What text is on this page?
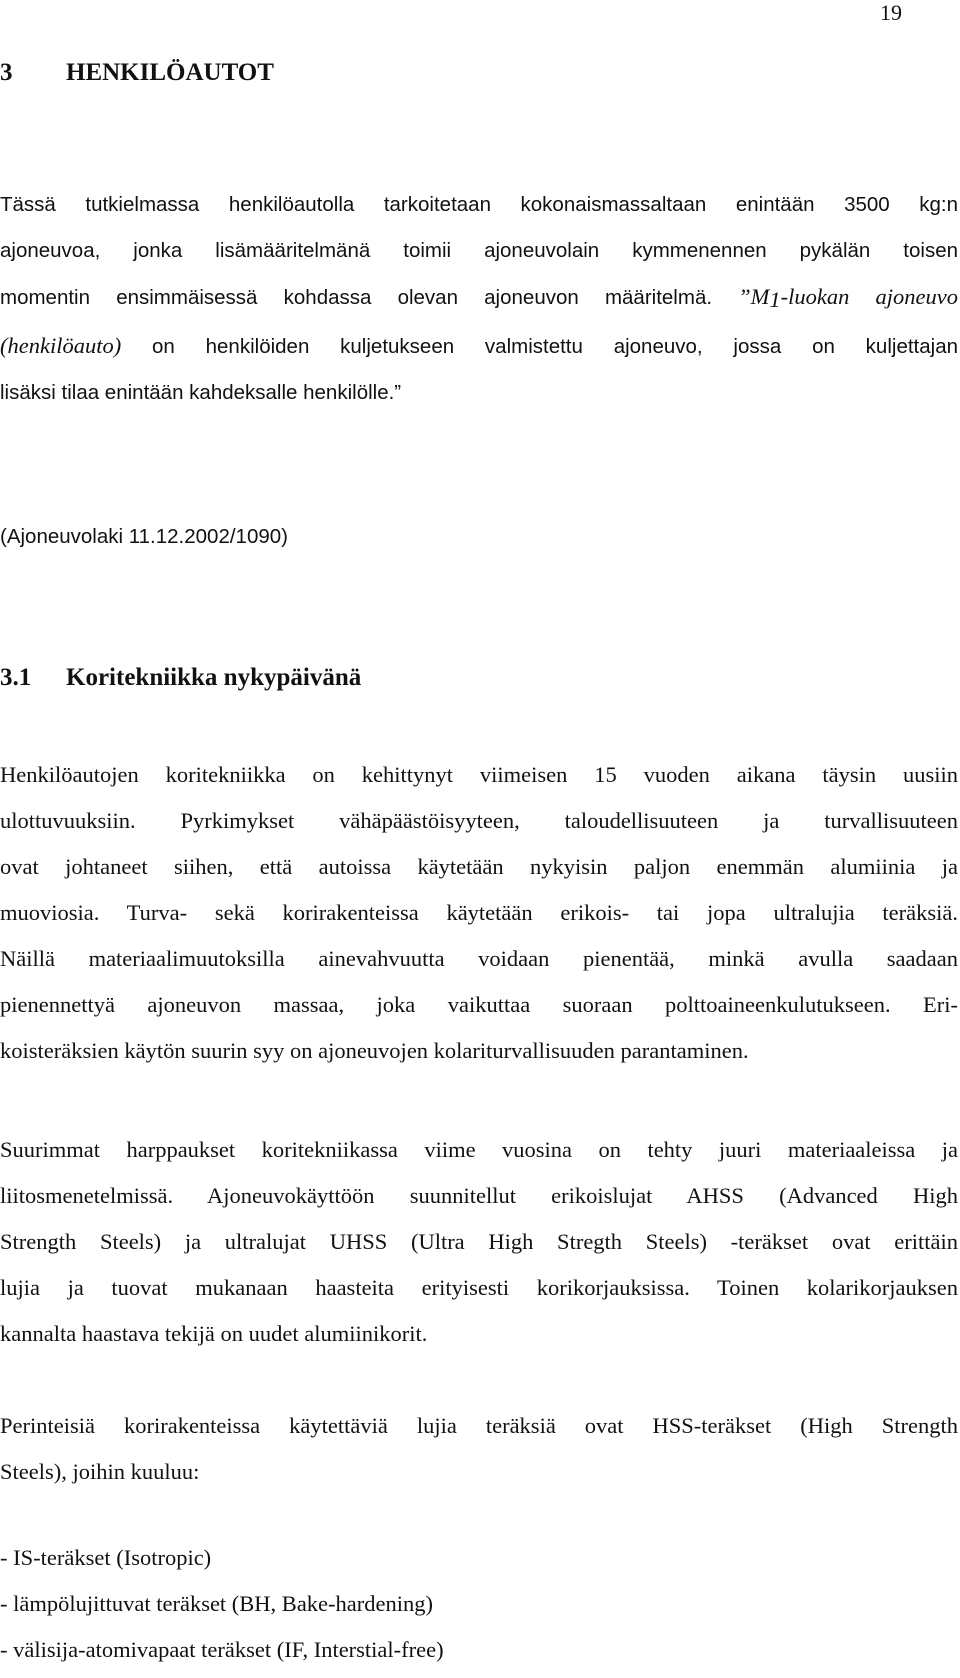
19
3 HENKILÖAUTOT
Tässä tutkielmassa henkilöautolla tarkoitetaan kokonaismassaltaan enintään 3500 kg:n
ajoneuvoa, jonka lisämääritelmänä toimii ajoneuvolain kymmenennen pykälän toisen
momentin ensimmäisessä kohdassa olevan ajoneuvon määritelmä. $”M_1$-luokan ajoneuvo
(henkilöauto) on henkilöiden kuljetukseen valmistettu ajoneuvo, jossa on kuljettajan
lisäksi tilaa enintään kahdeksalle henkilölle.”
(Ajoneuvolaki 11.12.2002/1090)
3.1 Koritekniikka nykypäivänä
Henkilöautojen koritekniikka on kehittynyt viimeisen 15 vuoden aikana täysin uusiin
ulottuvuuksiin. Pyrkimykset vähäpäästöisyyteen, taloudellisuuteen ja turvallisuuteen
ovat johtaneet siihen, että autoissa käytetään nykyisin paljon enemmän alumiinia ja
muoviosia. Turva- sekä korirakenteissa käytetään erikois- tai jopa ultralujia teräksiä.
Näillä materiaalimuutoksilla ainevahvuutta voidaan pienentää, minkä avulla saadaan
pienennettyä ajoneuvon massaa, joka vaikuttaa suoraan polttoaineenkulutukseen. Eri-
koisteräksien käytön suurin syy on ajoneuvojen kolariturvallisuuden parantaminen.
Suurimmat harppaukset koritekniikassa viime vuosina on tehty juuri materiaaleissa ja
liitosmenetelmissä. Ajoneuvokäyttöön suunnitellut erikoislujat AHSS (Advanced High
Strength Steels) ja ultralujat UHSS (Ultra High Stregth Steels) -teräkset ovat erittäin
lujia ja tuovat mukanaan haasteita erityisesti korikorjauksissa. Toinen kolarikorjauksen
kannalta haastava tekijä on uudet alumiinikorit.
Perinteisiä korirakenteissa käytettäviä lujia teräksiä ovat HSS-teräkset (High Strength
Steels), joihin kuuluu:
- IS-teräkset (Isotropic)
- lämpölujittuvat teräkset (BH, Bake-hardening)
- välisija-atomivapaat teräkset (IF, Interstial-free)
